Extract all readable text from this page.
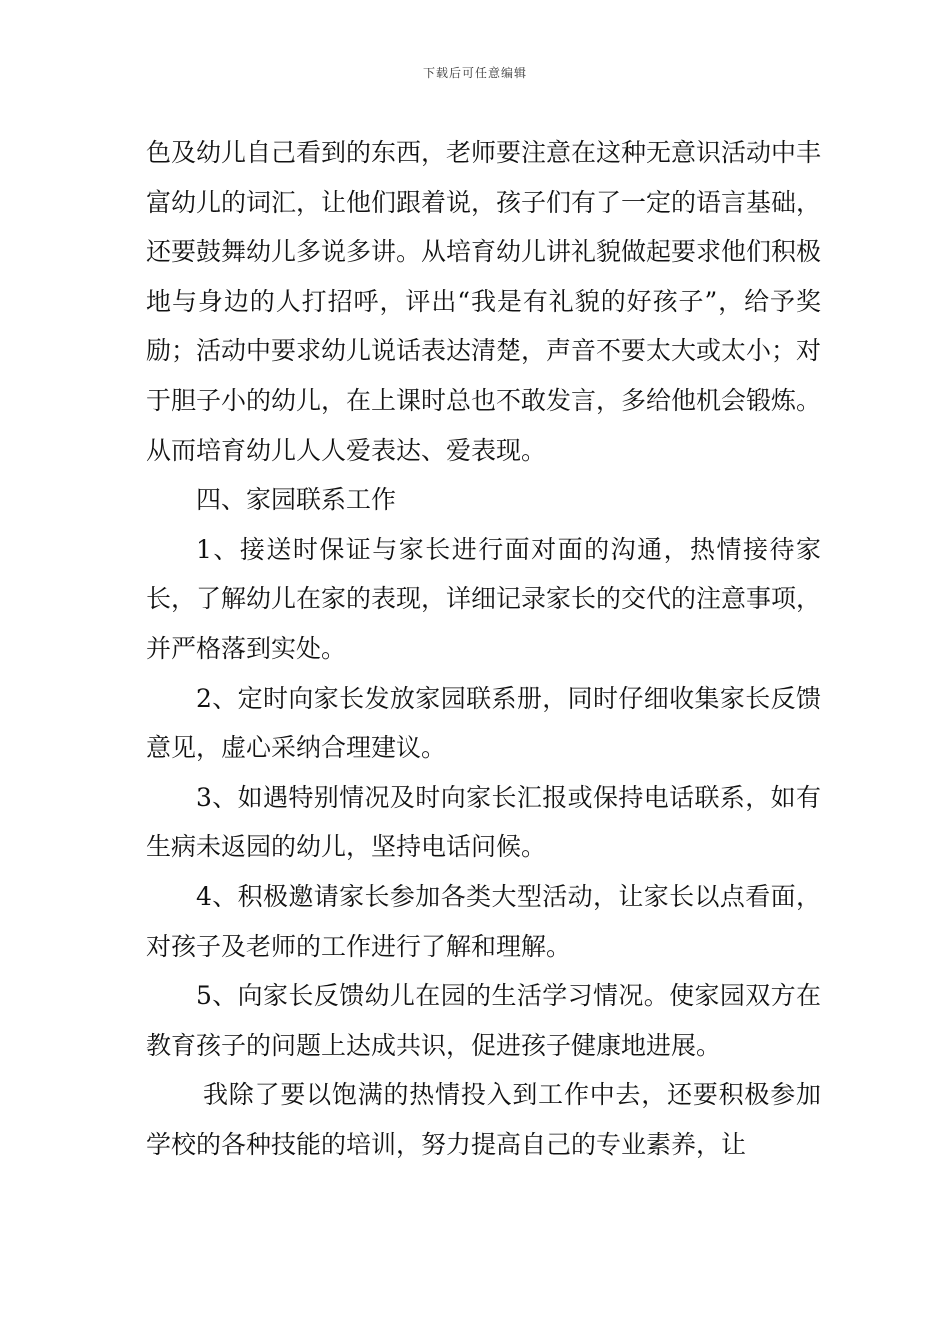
下载后可任意编辑

色及幼儿自己看到的东西，老师要注意在这种无意识活动中丰富幼儿的词汇，让他们跟着说，孩子们有了一定的语言基础，还要鼓舞幼儿多说多讲。从培育幼儿讲礼貌做起要求他们积极地与身边的人打招呼，评出“我是有礼貌的好孩子”，给予奖励；活动中要求幼儿说话表达清楚，声音不要太大或太小；对于胆子小的幼儿，在上课时总也不敢发言，多给他机会锻炼。从而培育幼儿人人爱表达、爱表现。

四、家园联系工作

1、接送时保证与家长进行面对面的沟通，热情接待家长，了解幼儿在家的表现，详细记录家长的交代的注意事项，并严格落到实处。

2、定时向家长发放家园联系册，同时仔细收集家长反馈意见，虚心采纳合理建议。

3、如遇特别情况及时向家长汇报或保持电话联系，如有生病未返园的幼儿，坚持电话问候。

4、积极邀请家长参加各类大型活动，让家长以点看面，对孩子及老师的工作进行了解和理解。

5、向家长反馈幼儿在园的生活学习情况。使家园双方在教育孩子的问题上达成共识，促进孩子健康地进展。

我除了要以饱满的热情投入到工作中去，还要积极参加学校的各种技能的培训，努力提高自己的专业素养，让
